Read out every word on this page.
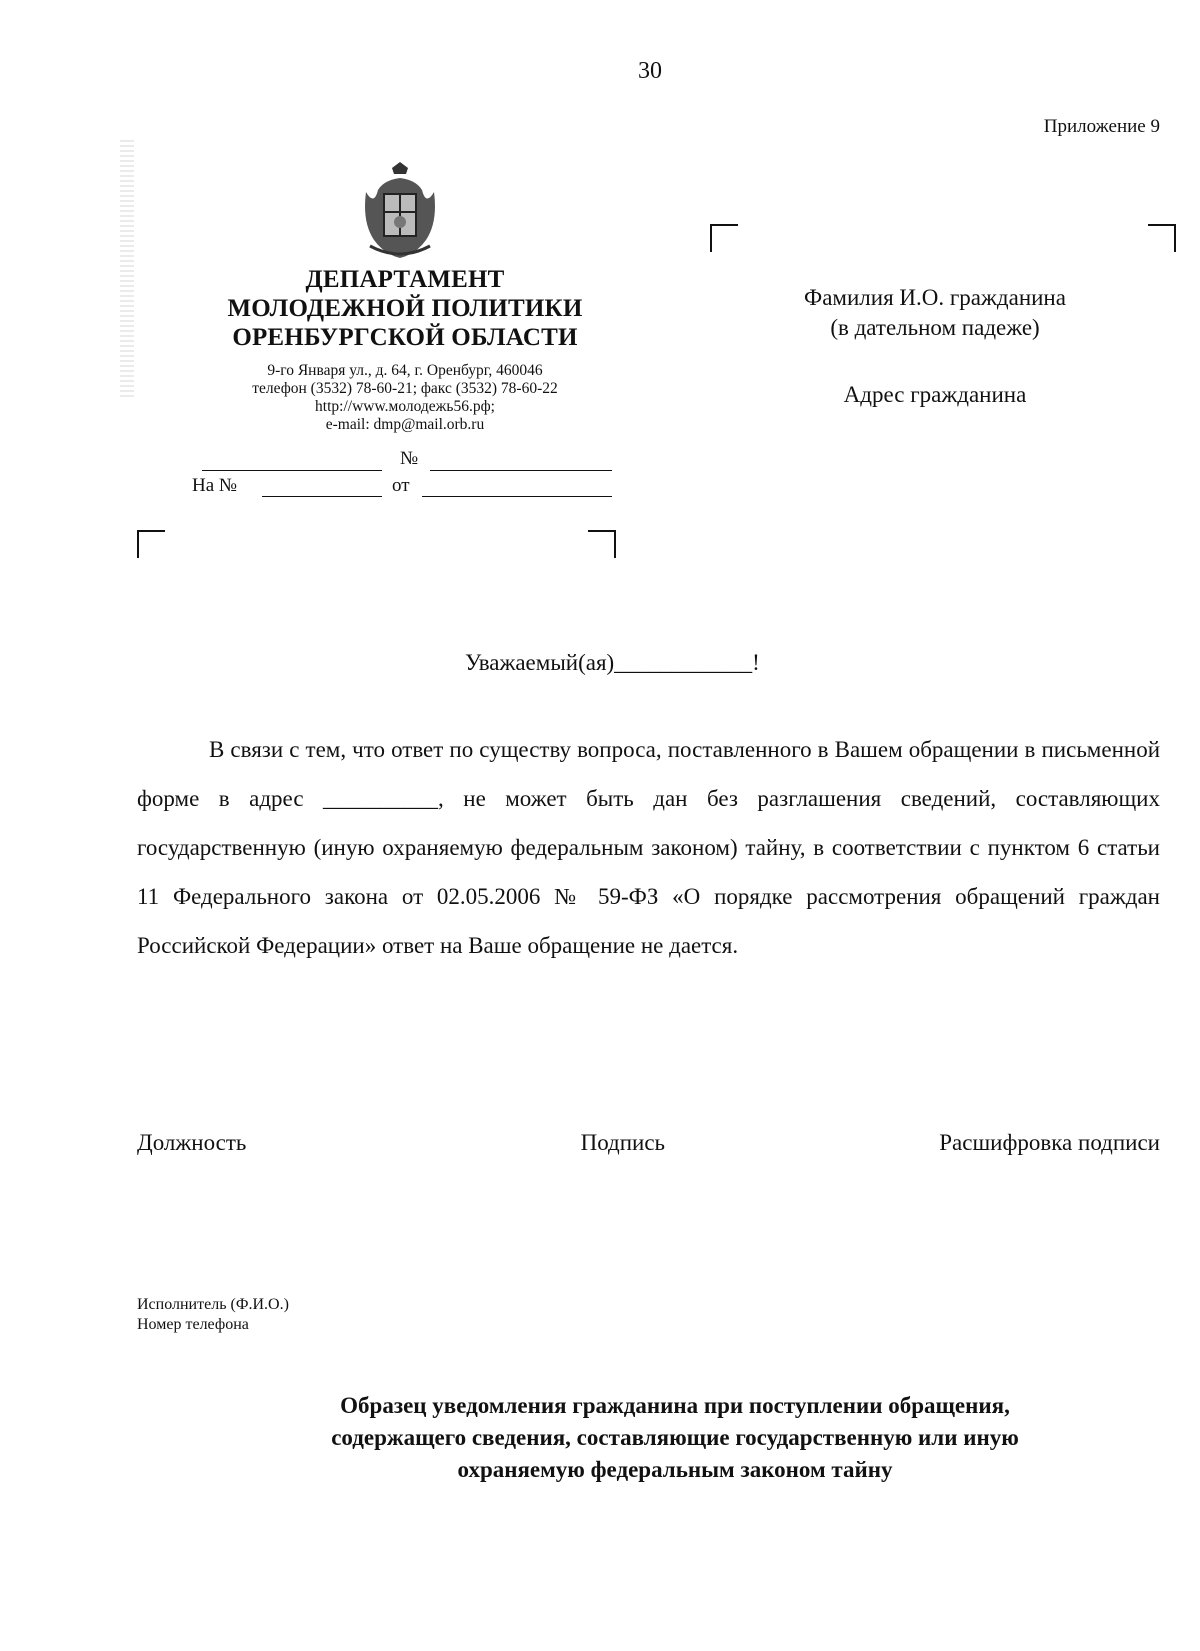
30
Приложение 9
ДЕПАРТАМЕНТ
МОЛОДЕЖНОЙ ПОЛИТИКИ
ОРЕНБУРГСКОЙ ОБЛАСТИ
9-го Января ул., д. 64, г. Оренбург, 460046
телефон (3532) 78-60-21; факс (3532) 78-60-22
http://www.молодежь56.рф;
e-mail: dmp@mail.orb.ru
№
На №	от
Фамилия И.О. гражданина
(в дательном падеже)
Адрес гражданина
Уважаемый(ая)____________!
В связи с тем, что ответ по существу вопроса, поставленного в Вашем обращении в письменной форме в адрес __________, не может быть дан без разглашения сведений, составляющих государственную (иную охраняемую федеральным законом) тайну, в соответствии с пунктом 6 статьи 11 Федерального закона от 02.05.2006 № 59-ФЗ «О порядке рассмотрения обращений граждан Российской Федерации» ответ на Ваше обращение не дается.
Должность	Подпись	Расшифровка подписи
Исполнитель (Ф.И.О.)
Номер телефона
Образец уведомления гражданина при поступлении обращения,
содержащего сведения, составляющие государственную или иную
охраняемую федеральным законом тайну
